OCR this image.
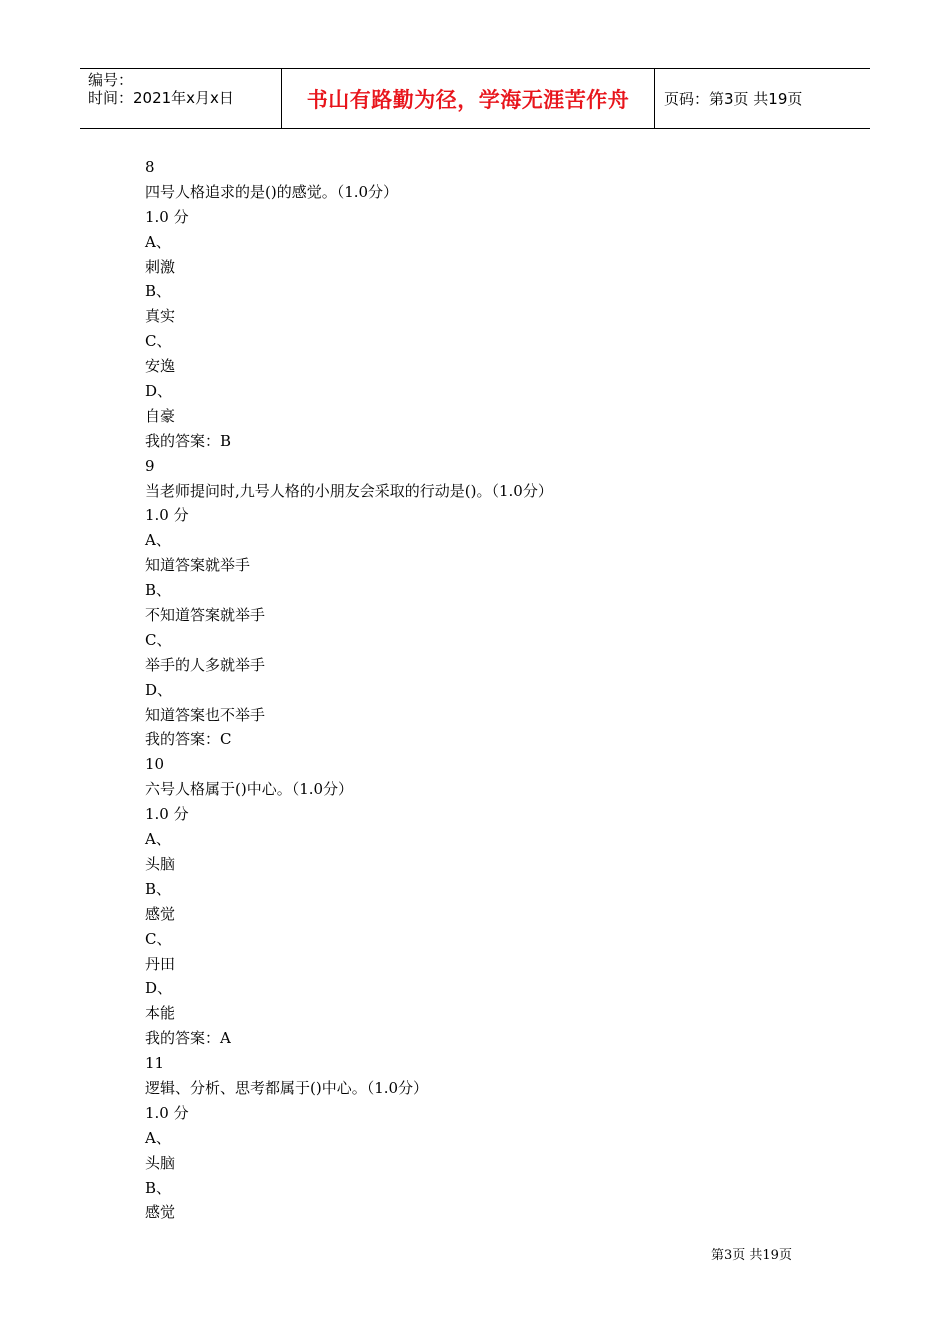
编号：
时间：2021年x月x日	书山有路勤为径，学海无涯苦作舟	页码：第3页 共19页
8
四号人格追求的是()的感觉。（1.0分）
1.0 分
A、
刺激
B、
真实
C、
安逸
D、
自豪
我的答案：B
9
当老师提问时,九号人格的小朋友会采取的行动是()。（1.0分）
1.0 分
A、
知道答案就举手
B、
不知道答案就举手
C、
举手的人多就举手
D、
知道答案也不举手
我的答案：C
10
六号人格属于()中心。（1.0分）
1.0 分
A、
头脑
B、
感觉
C、
丹田
D、
本能
我的答案：A
11
逻辑、分析、思考都属于()中心。（1.0分）
1.0 分
A、
头脑
B、
感觉
第3页 共19页
